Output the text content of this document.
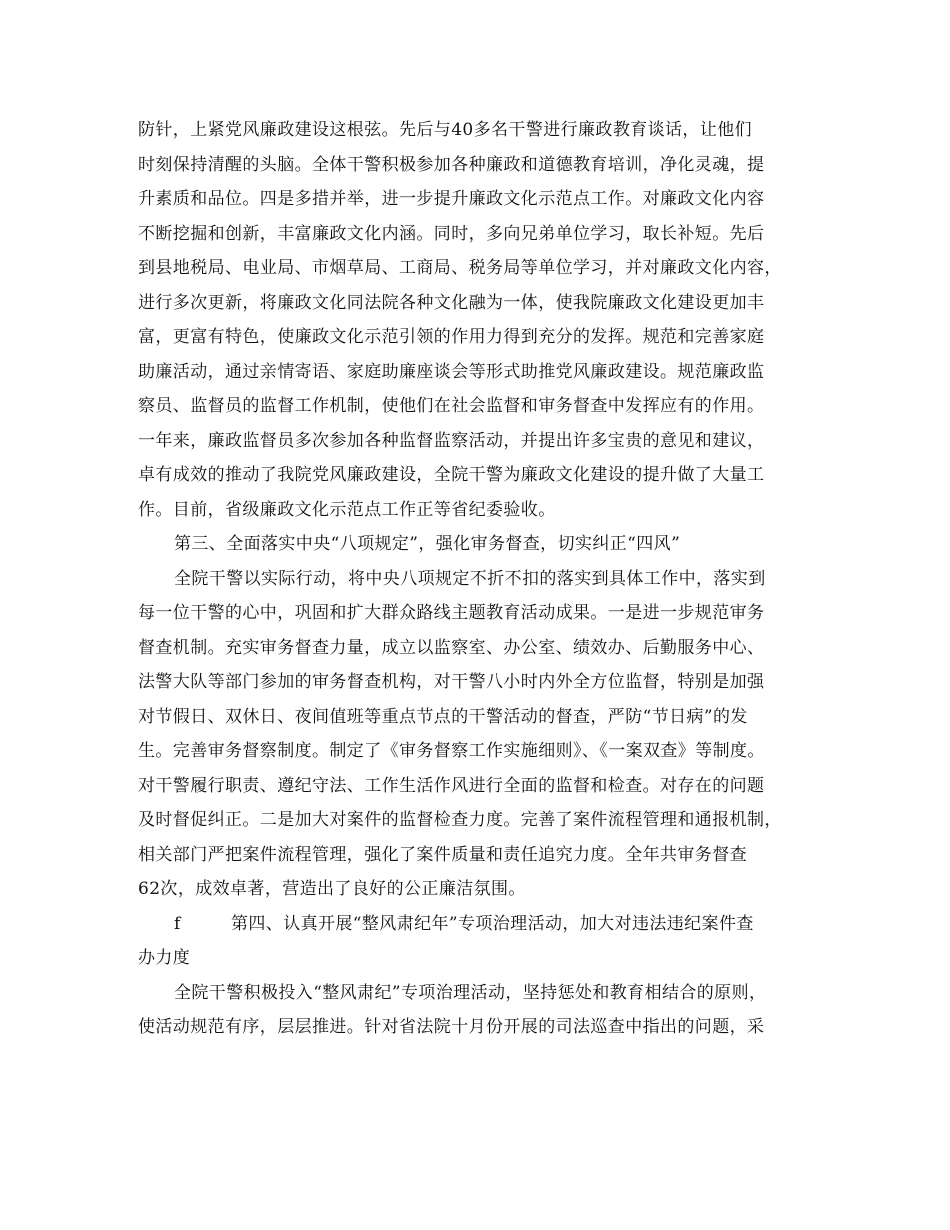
防针，上紧党风廉政建设这根弦。先后与40多名干警进行廉政教育谈话，让他们
时刻保持清醒的头脑。全体干警积极参加各种廉政和道德教育培训，净化灵魂，提
升素质和品位。四是多措并举，进一步提升廉政文化示范点工作。对廉政文化内容
不断挖掘和创新，丰富廉政文化内涵。同时，多向兄弟单位学习，取长补短。先后
到县地税局、电业局、市烟草局、工商局、税务局等单位学习，并对廉政文化内容，
进行多次更新，将廉政文化同法院各种文化融为一体，使我院廉政文化建设更加丰
富，更富有特色，使廉政文化示范引领的作用力得到充分的发挥。规范和完善家庭
助廉活动，通过亲情寄语、家庭助廉座谈会等形式助推党风廉政建设。规范廉政监
察员、监督员的监督工作机制，使他们在社会监督和审务督查中发挥应有的作用。
一年来，廉政监督员多次参加各种监督监察活动，并提出许多宝贵的意见和建议，
卓有成效的推动了我院党风廉政建设，全院干警为廉政文化建设的提升做了大量工
作。目前，省级廉政文化示范点工作正等省纪委验收。
第三、全面落实中央“八项规定”，强化审务督查，切实纠正“四风”
全院干警以实际行动，将中央八项规定不折不扣的落实到具体工作中，落实到
每一位干警的心中，巩固和扩大群众路线主题教育活动成果。一是进一步规范审务
督查机制。充实审务督查力量，成立以监察室、办公室、绩效办、后勤服务中心、
法警大队等部门参加的审务督查机构，对干警八小时内外全方位监督，特别是加强
对节假日、双休日、夜间值班等重点节点的干警活动的督查，严防“节日病”的发
生。完善审务督察制度。制定了《审务督察工作实施细则》、《一案双查》等制度。
对干警履行职责、遵纪守法、工作生活作风进行全面的监督和检查。对存在的问题
及时督促纠正。二是加大对案件的监督检查力度。完善了案件流程管理和通报机制，
相关部门严把案件流程管理，强化了案件质量和责任追究力度。全年共审务督查
62次，成效卓著，营造出了良好的公正廉洁氛围。
f	第四、认真开展“整风肃纪年”专项治理活动，加大对违法违纪案件查
办力度
全院干警积极投入“整风肃纪”专项治理活动，坚持惩处和教育相结合的原则，
使活动规范有序，层层推进。针对省法院十月份开展的司法巡查中指出的问题，采
